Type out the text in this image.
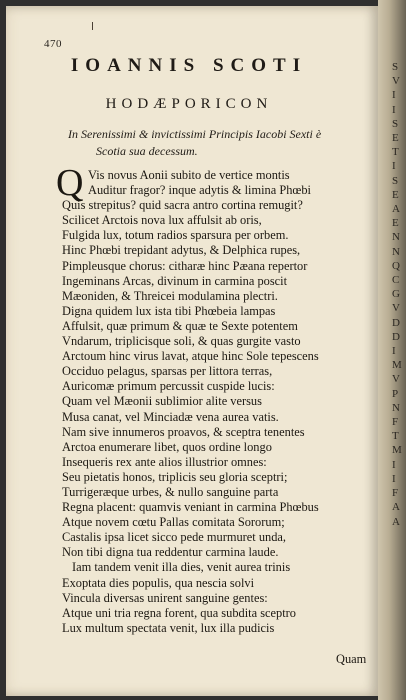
S
V
I
I
S
E
T
I
S
E
A
E
N
N
Q
C
G
V
D
D
I
M
V
P
N
F
T
M
I
I
F
A
A
470
IOANNIS SCOTI
HODÆPORICON
In Serenissimi & invictissimi Principis Iacobi Sexti è
Scotia sua decessum.
Q Vis novus Aonii subito de vertice montis
Auditur fragor? inque adytis & limina Phœbi
Quis strepitus? quid sacra antro cortina remugit?
Scilicet Arctois nova lux affulsit ab oris,
Fulgida lux, totum radios sparsura per orbem.
Hinc Phœbi trepidant adytus, & Delphica rupes,
Pimpleusque chorus: citharæ hinc Pæana repertor
Ingeminans Arcas, divinum in carmina poscit
Mæoniden, & Threicei modulamina plectri.
Digna quidem lux ista tibi Phœbeia lampas
Affulsit, quæ primum & quæ te Sexte potentem
Vndarum, triplicisque soli, & quas gurgite vasto
Arctoum hinc virus lavat, atque hinc Sole tepescens
Occiduo pelagus, sparsas per littora terras,
Auricomæ primum percussit cuspide lucis:
Quam vel Mæonii sublimior alite versus
Musa canat, vel Minciadæ vena aurea vatis.
Nam sive innumeros proavos, & sceptra tenentes
Arctoa enumerare libet, quos ordine longo
Insequeris rex ante alios illustrior omnes:
Seu pietatis honos, triplicis seu gloria sceptri;
Turrigeræque urbes, & nullo sanguine parta
Regna placent: quamvis veniant in carmina Phœbus
Atque novem cœtu Pallas comitata Sororum;
Castalis ipsa licet sicco pede murmuret unda,
Non tibi digna tua reddentur carmina laude.
Iam tandem venit illa dies, venit aurea trinis
Exoptata dies populis, qua nescia solvi
Vincula diversas unirent sanguine gentes:
Atque uni tria regna forent, qua subdita sceptro
Lux multum spectata venit, lux illa pudicis
Quam
